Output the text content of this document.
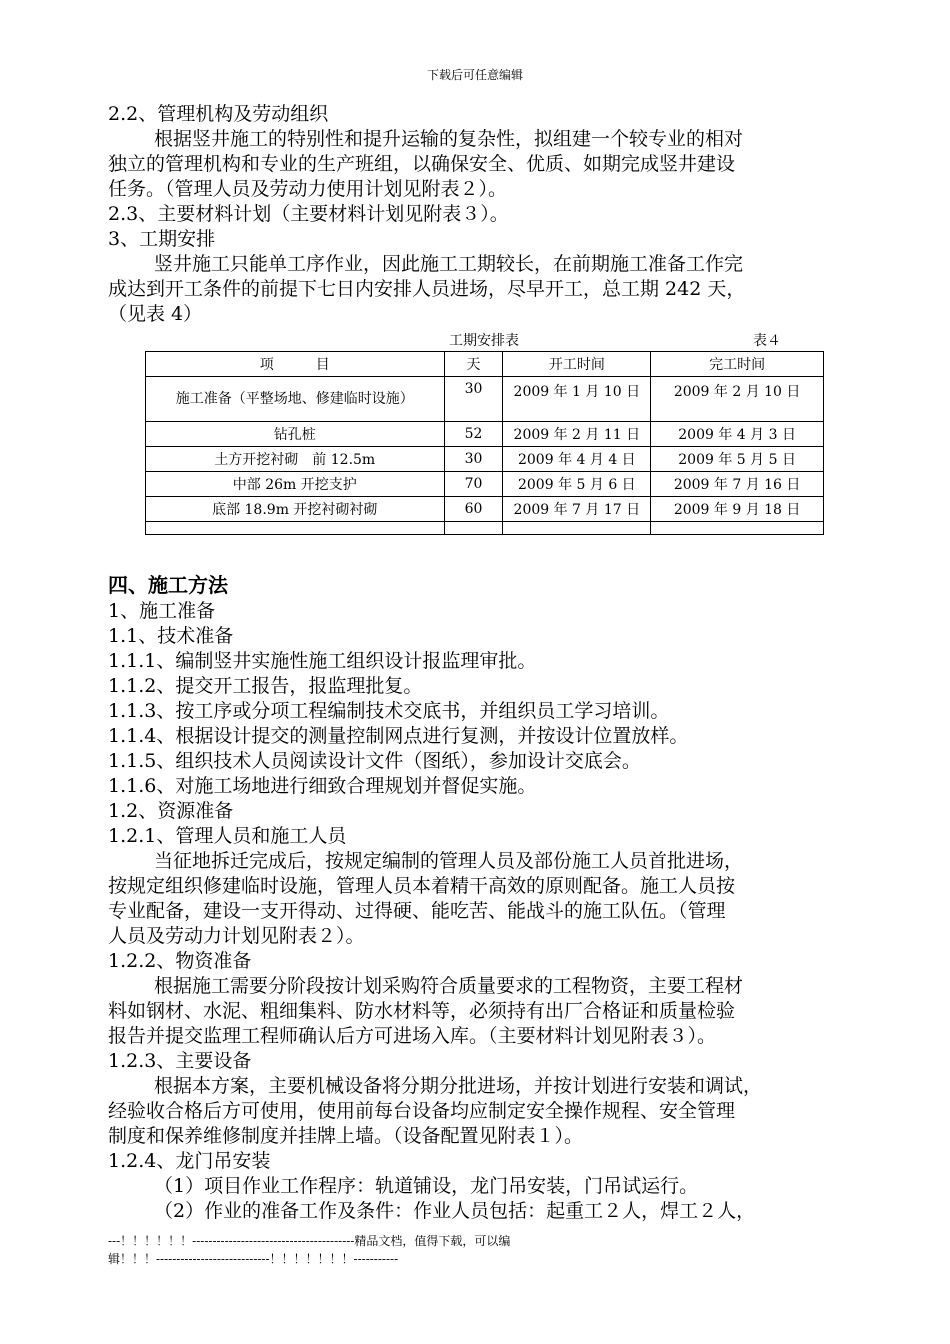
下载后可任意编辑
2.2、管理机构及劳动组织
根据竖井施工的特别性和提升运输的复杂性，拟组建一个较专业的相对
独立的管理机构和专业的生产班组，以确保安全、优质、如期完成竖井建设
任务。（管理人员及劳动力使用计划见附表２）。
2.3、主要材料计划（主要材料计划见附表３）。
3、工期安排
竖井施工只能单工序作业，因此施工工期较长，在前期施工准备工作完
成达到开工条件的前提下七日内安排人员进场，尽早开工，总工期 242 天，
（见表 4）
工期安排表	表４
项　　　目	天	开工时间	完工时间
施工准备（平整场地、修建临时设施）	30	2009 年 1 月 10 日	2009 年 2 月 10 日
钻孔桩	52	2009 年 2 月 11 日	2009 年 4 月 3 日
土方开挖衬砌　前 12.5m	30	2009 年 4 月 4 日	2009 年 5 月 5 日
中部 26m 开挖支护	70	2009 年 5 月 6 日	2009 年 7 月 16 日
底部 18.9m 开挖衬砌衬砌	60	2009 年 7 月 17 日	2009 年 9 月 18 日

四、施工方法
1、施工准备
1.1、技术准备
1.1.1、编制竖井实施性施工组织设计报监理审批。
1.1.2、提交开工报告，报监理批复。
1.1.3、按工序或分项工程编制技术交底书，并组织员工学习培训。
1.1.4、根据设计提交的测量控制网点进行复测，并按设计位置放样。
1.1.5、组织技术人员阅读设计文件（图纸），参加设计交底会。
1.1.6、对施工场地进行细致合理规划并督促实施。
1.2、资源准备
1.2.1、管理人员和施工人员
当征地拆迁完成后，按规定编制的管理人员及部份施工人员首批进场，
按规定组织修建临时设施，管理人员本着精干高效的原则配备。施工人员按
专业配备，建设一支开得动、过得硬、能吃苦、能战斗的施工队伍。（管理
人员及劳动力计划见附表２）。
1.2.2、物资准备
根据施工需要分阶段按计划采购符合质量要求的工程物资，主要工程材
料如钢材、水泥、粗细集料、防水材料等，必须持有出厂合格证和质量检验
报告并提交监理工程师确认后方可进场入库。（主要材料计划见附表３）。
1.2.3、主要设备
根据本方案，主要机械设备将分期分批进场，并按计划进行安装和调试，
经验收合格后方可使用，使用前每台设备均应制定安全操作规程、安全管理
制度和保养维修制度并挂牌上墙。（设备配置见附表１）。
1.2.4、龙门吊安装
（1）项目作业工作程序：轨道铺设，龙门吊安装，门吊试运行。
（2）作业的准备工作及条件：作业人员包括：起重工２人，焊工２人，
---！！！！！！----------------------------------------精品文档，值得下载，可以编
辑！！！----------------------------！！！！！！！-----------
